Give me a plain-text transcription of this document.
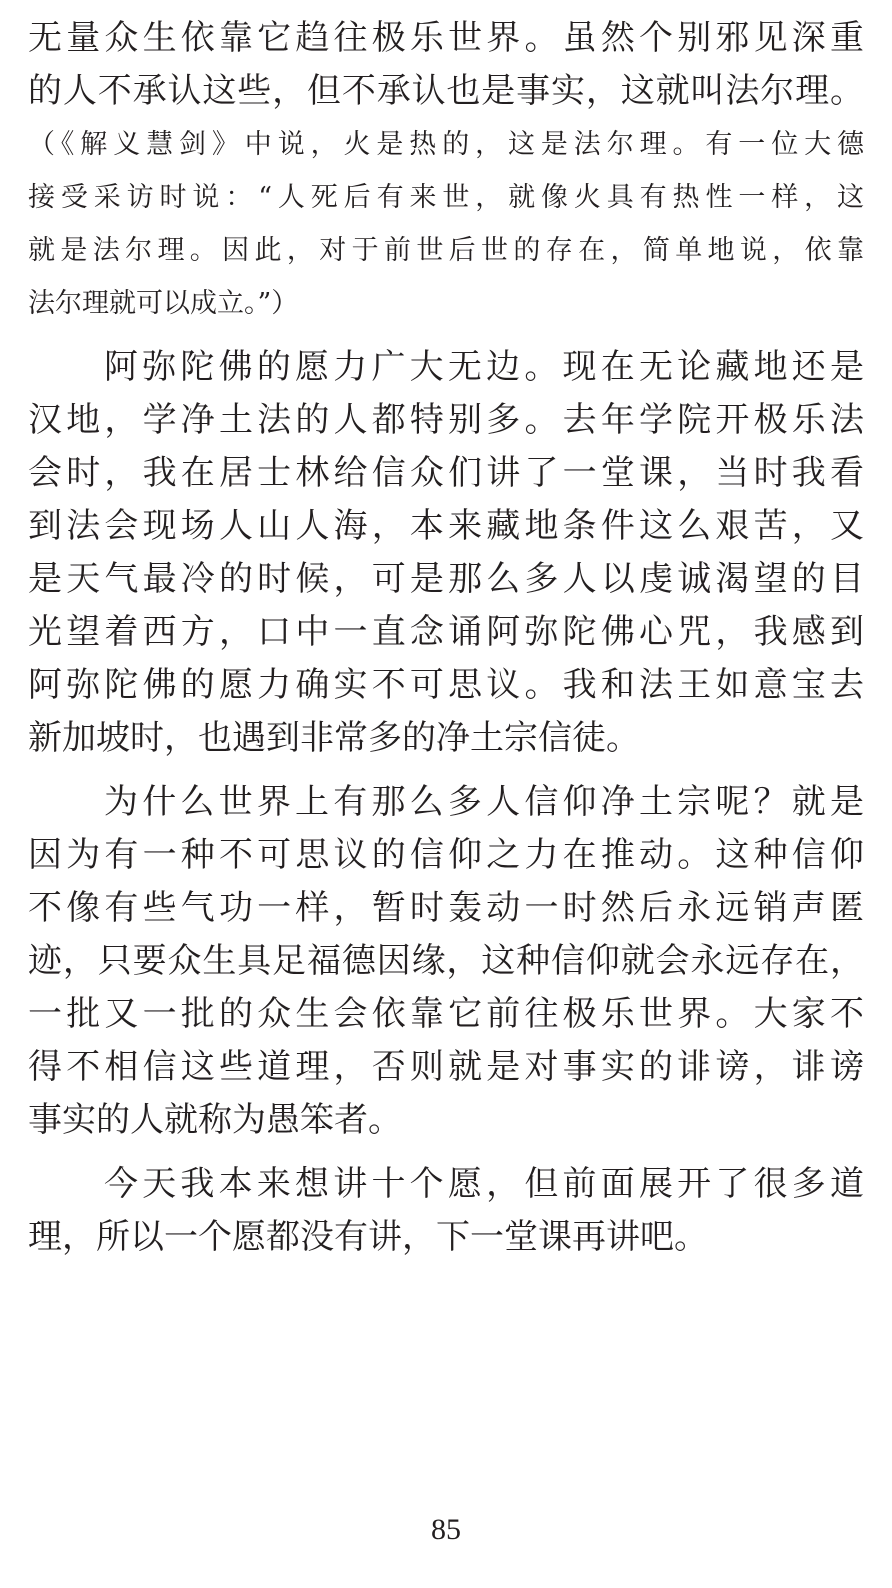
无量众生依靠它趋往极乐世界。虽然个别邪见深重
的人不承认这些，但不承认也是事实，这就叫法尔理。
（《解义慧剑》中说，火是热的，这是法尔理。有一位大德
接受采访时说：“人死后有来世，就像火具有热性一样，这
就是法尔理。因此，对于前世后世的存在，简单地说，依靠
法尔理就可以成立。”）
阿弥陀佛的愿力广大无边。现在无论藏地还是
汉地，学净土法的人都特别多。去年学院开极乐法
会时，我在居士林给信众们讲了一堂课，当时我看
到法会现场人山人海，本来藏地条件这么艰苦，又
是天气最冷的时候，可是那么多人以虔诚渴望的目
光望着西方，口中一直念诵阿弥陀佛心咒，我感到
阿弥陀佛的愿力确实不可思议。我和法王如意宝去
新加坡时，也遇到非常多的净土宗信徒。
为什么世界上有那么多人信仰净土宗呢？就是
因为有一种不可思议的信仰之力在推动。这种信仰
不像有些气功一样，暂时轰动一时然后永远销声匿
迹，只要众生具足福德因缘，这种信仰就会永远存在，
一批又一批的众生会依靠它前往极乐世界。大家不
得不相信这些道理，否则就是对事实的诽谤，诽谤
事实的人就称为愚笨者。
今天我本来想讲十个愿，但前面展开了很多道
理，所以一个愿都没有讲，下一堂课再讲吧。
85
